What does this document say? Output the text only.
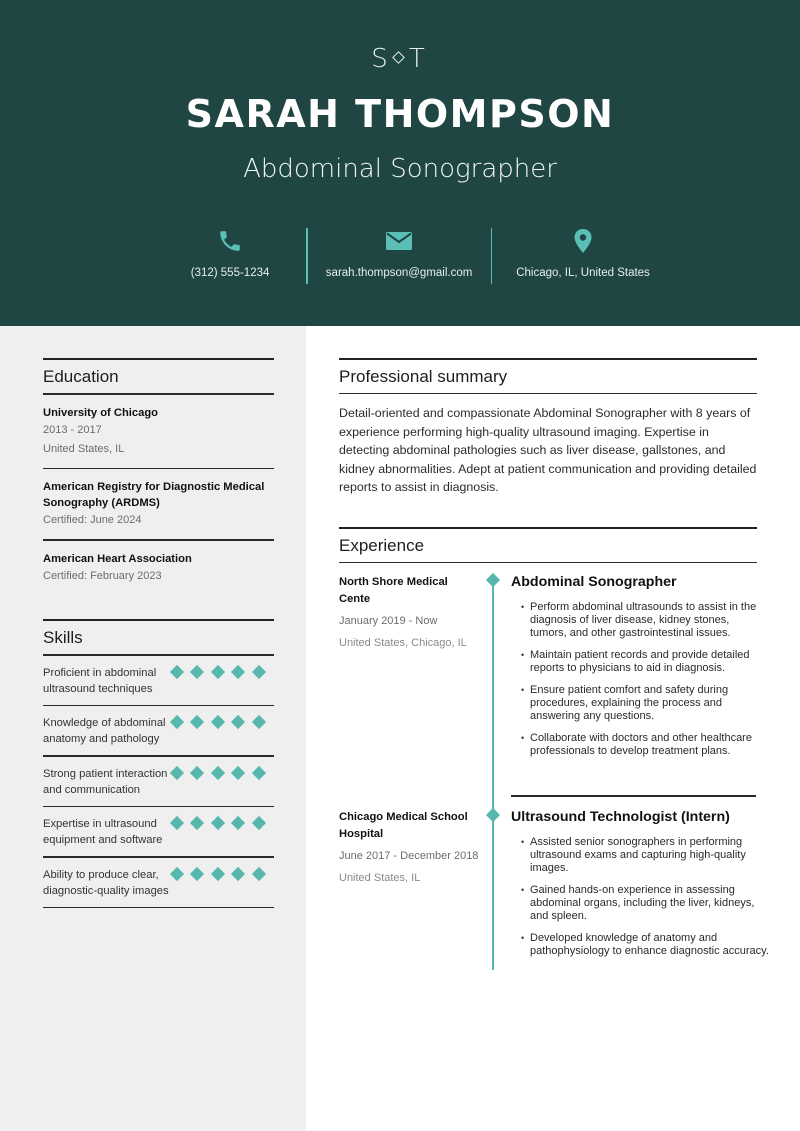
S T
SARAH THOMPSON
Abdominal Sonographer
(312) 555-1234	sarah.thompson@gmail.com	Chicago, IL, United States
Education
University of Chicago
2013 - 2017
United States, IL
American Registry for Diagnostic Medical Sonography (ARDMS)
Certified: June 2024
American Heart Association
Certified: February 2023
Skills
Proficient in abdominal ultrasound techniques
Knowledge of abdominal anatomy and pathology
Strong patient interaction and communication
Expertise in ultrasound equipment and software
Ability to produce clear, diagnostic-quality images
Professional summary
Detail-oriented and compassionate Abdominal Sonographer with 8 years of experience performing high-quality ultrasound imaging. Expertise in detecting abdominal pathologies such as liver disease, gallstones, and kidney abnormalities. Adept at patient communication and providing detailed reports to assist in diagnosis.
Experience
North Shore Medical Cente
January 2019 - Now
United States, Chicago, IL
Abdominal Sonographer
• Perform abdominal ultrasounds to assist in the diagnosis of liver disease, kidney stones, tumors, and other gastrointestinal issues.
• Maintain patient records and provide detailed reports to physicians to aid in diagnosis.
• Ensure patient comfort and safety during procedures, explaining the process and answering any questions.
• Collaborate with doctors and other healthcare professionals to develop treatment plans.
Chicago Medical School Hospital
June 2017 - December 2018
United States, IL
Ultrasound Technologist (Intern)
• Assisted senior sonographers in performing ultrasound exams and capturing high-quality images.
• Gained hands-on experience in assessing abdominal organs, including the liver, kidneys, and spleen.
• Developed knowledge of anatomy and pathophysiology to enhance diagnostic accuracy.
